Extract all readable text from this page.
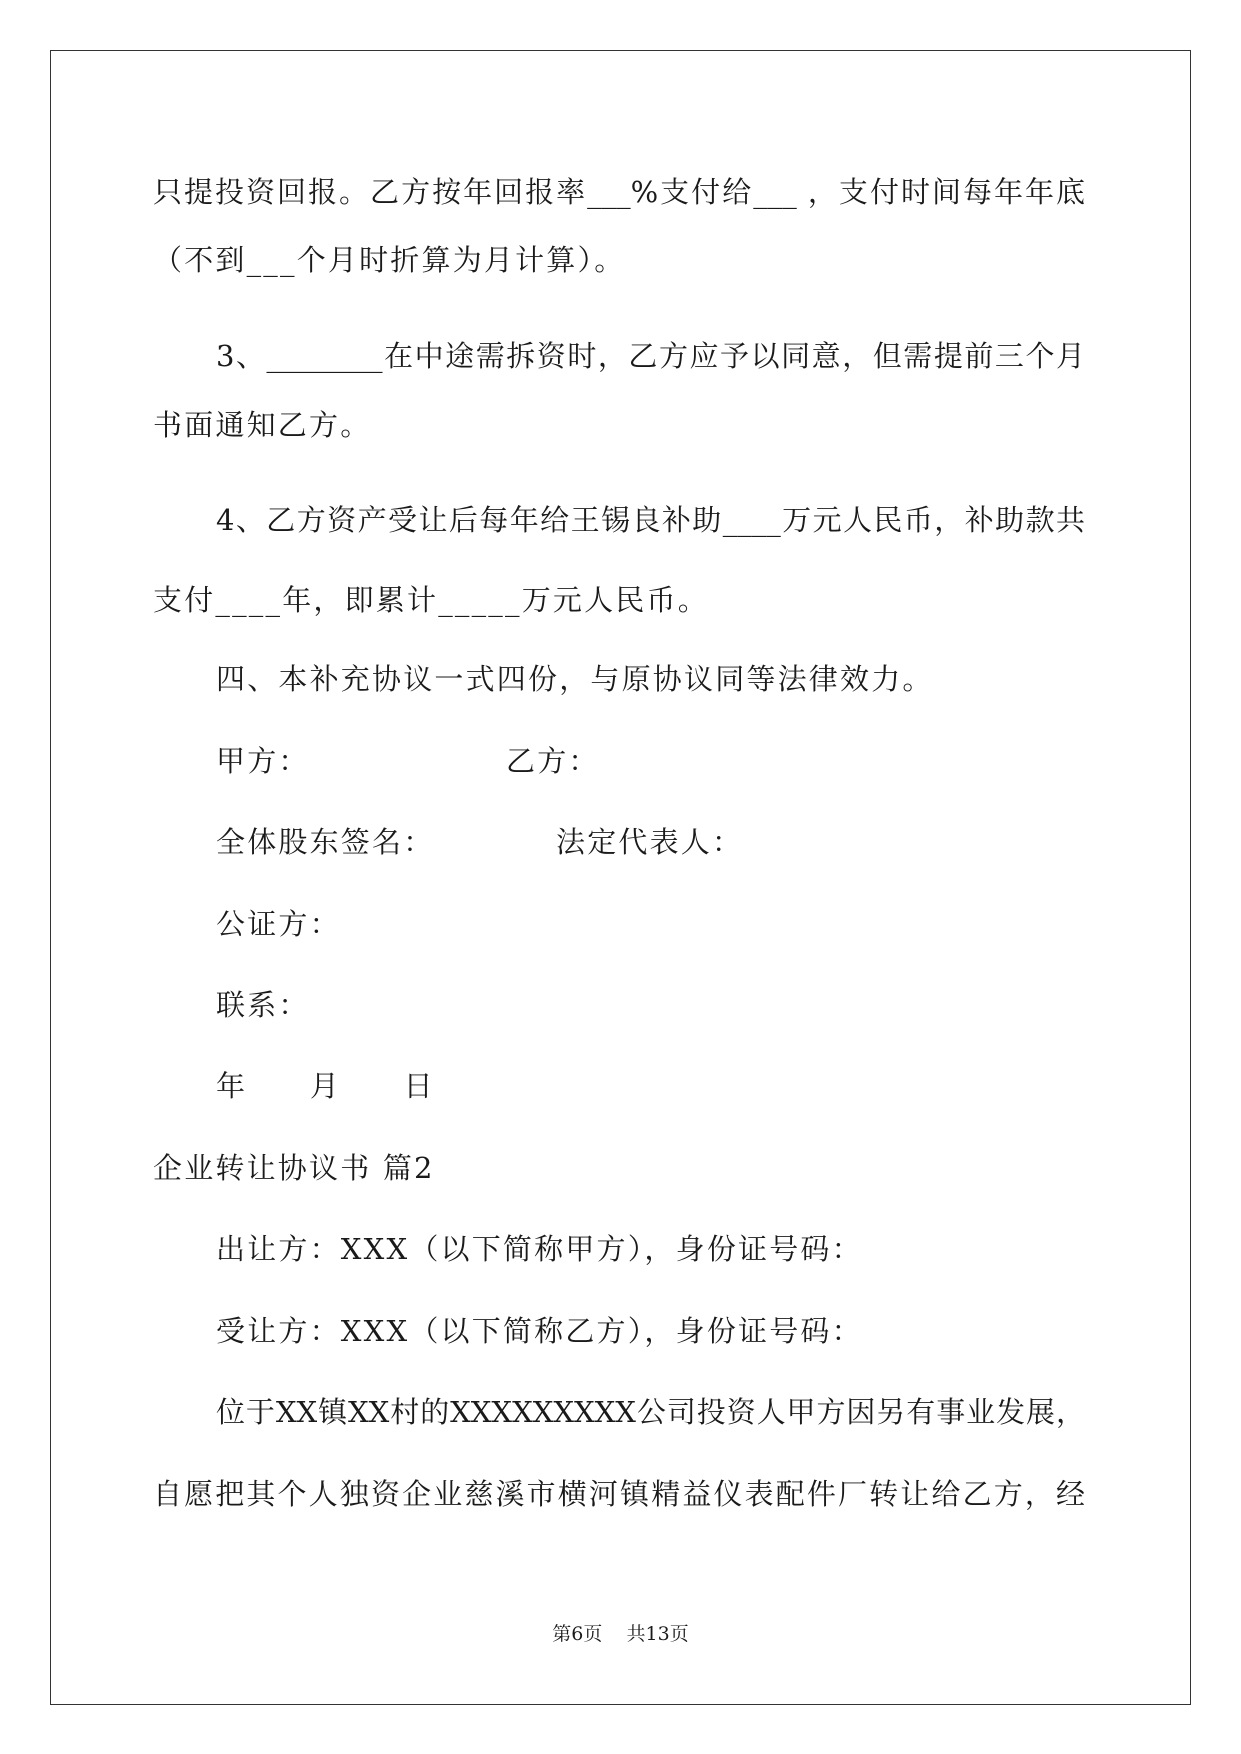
只提投资回报。乙方按年回报率___%支付给___ ，支付时间每年年底
（不到___个月时折算为月计算）。
3、________在中途需拆资时，乙方应予以同意，但需提前三个月
书面通知乙方。
4、乙方资产受让后每年给王锡良补助____万元人民币，补助款共
支付____年，即累计_____万元人民币。
四、本补充协议一式四份，与原协议同等法律效力。
甲方：	乙方：
全体股东签名：	法定代表人：
公证方：
联系：
年　 月　 日
企业转让协议书 篇2
出让方：XXX（以下简称甲方），身份证号码：
受让方：XXX（以下简称乙方），身份证号码：
位于XX镇XX村的XXXXXXXXX公司投资人甲方因另有事业发展，
自愿把其个人独资企业慈溪市横河镇精益仪表配件厂转让给乙方，经
第6页 共13页
